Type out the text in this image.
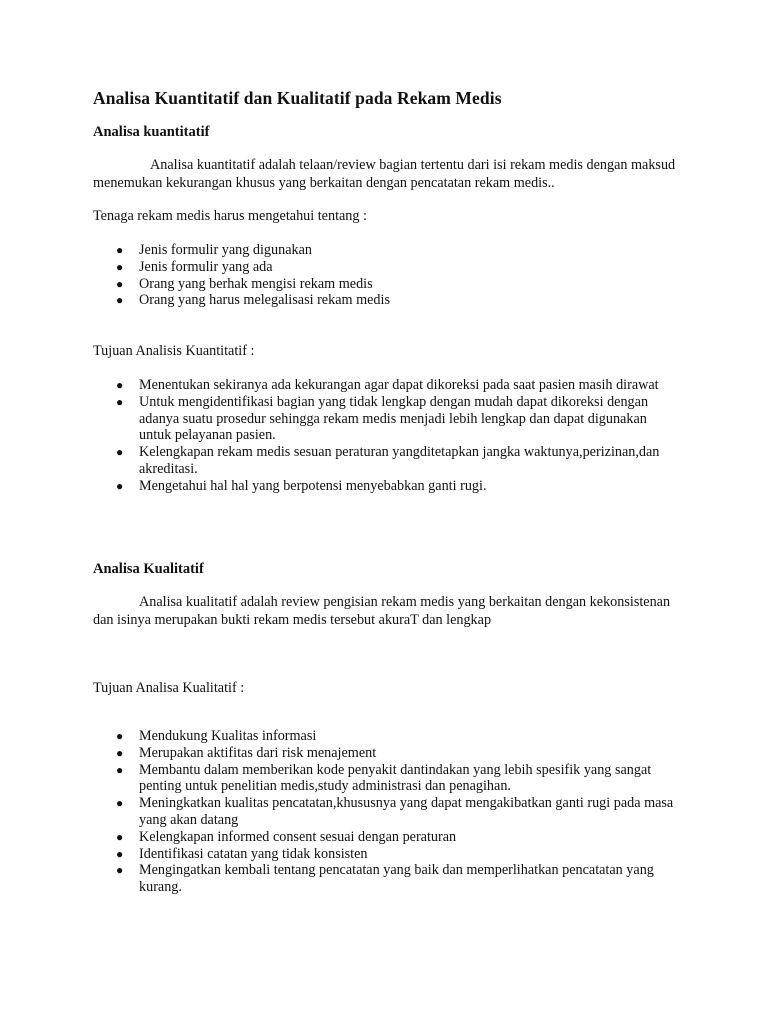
Analisa Kuantitatif dan Kualitatif pada Rekam Medis
Analisa kuantitatif

Analisa kuantitatif adalah telaan/review bagian tertentu dari isi rekam medis dengan maksud menemukan kekurangan khusus yang berkaitan dengan pencatatan rekam medis..

Tenaga rekam medis harus mengetahui tentang :

● Jenis formulir yang digunakan
● Jenis formulir yang ada
● Orang yang berhak mengisi rekam medis
● Orang yang harus melegalisasi rekam medis

Tujuan Analisis Kuantitatif :

● Menentukan sekiranya ada kekurangan agar dapat dikoreksi pada saat pasien masih dirawat
● Untuk mengidentifikasi bagian yang tidak lengkap dengan mudah dapat dikoreksi dengan adanya suatu prosedur sehingga rekam medis menjadi lebih lengkap dan dapat digunakan untuk pelayanan pasien.
● Kelengkapan rekam medis sesuan peraturan yangditetapkan jangka waktunya,perizinan,dan akreditasi.
● Mengetahui hal hal yang berpotensi menyebabkan ganti rugi.
Analisa Kualitatif

Analisa kualitatif adalah review pengisian rekam medis yang berkaitan dengan kekonsistenan dan isinya merupakan bukti rekam medis tersebut akuraT dan lengkap

Tujuan Analisa Kualitatif :

● Mendukung Kualitas informasi
● Merupakan aktifitas dari risk menajement
● Membantu dalam memberikan kode penyakit dantindakan yang lebih spesifik yang sangat penting untuk penelitian medis,study administrasi dan penagihan.
● Meningkatkan kualitas pencatatan,khususnya yang dapat mengakibatkan ganti rugi pada masa yang akan datang
● Kelengkapan informed consent sesuai dengan peraturan
● Identifikasi catatan yang tidak konsisten
● Mengingatkan kembali tentang pencatatan yang baik dan memperlihatkan pencatatan yang kurang.
